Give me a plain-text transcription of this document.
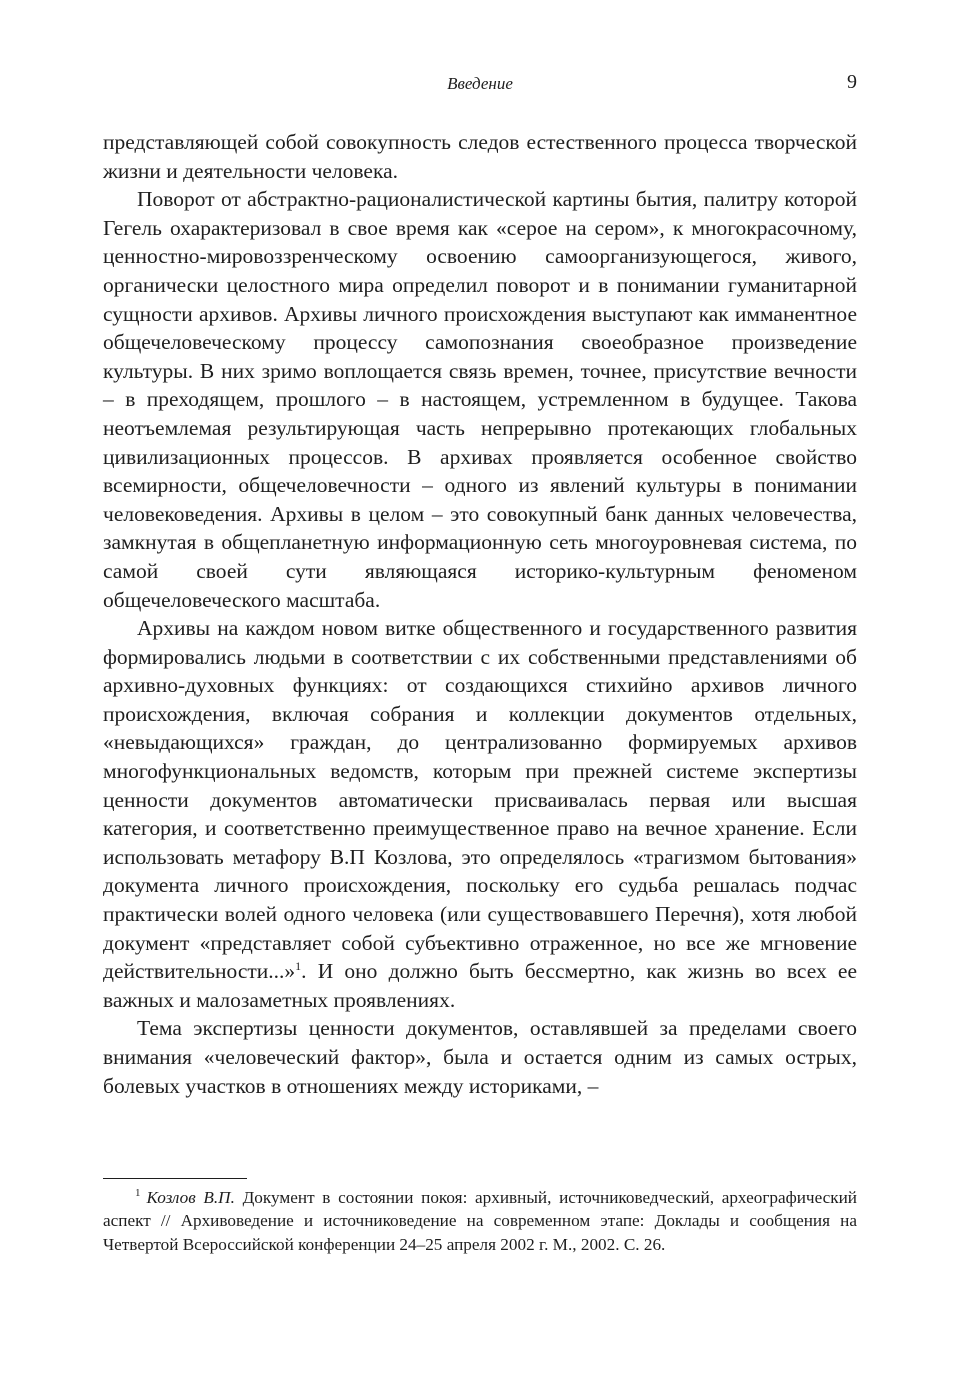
Введение	9

представляющей собой совокупность следов естественного процесса творческой жизни и деятельности человека.

Поворот от абстрактно-рационалистической картины бытия, палитру которой Гегель охарактеризовал в свое время как «серое на сером», к многокрасочному, ценностно-мировоззренческому освоению самоорганизующегося, живого, органически целостного мира определил поворот и в понимании гуманитарной сущности архивов. Архивы личного происхождения выступают как имманентное общечеловеческому процессу самопознания своеобразное произведение культуры. В них зримо воплощается связь времен, точнее, присутствие вечности – в преходящем, прошлого – в настоящем, устремленном в будущее. Такова неотъемлемая результирующая часть непрерывно протекающих глобальных цивилизационных процессов. В архивах проявляется особенное свойство всемирности, общечеловечности – одного из явлений культуры в понимании человековедения. Архивы в целом – это совокупный банк данных человечества, замкнутая в общепланетную информационную сеть многоуровневая система, по самой своей сути являющаяся историко-культурным феноменом общечеловеческого масштаба.

Архивы на каждом новом витке общественного и государственного развития формировались людьми в соответствии с их собственными представлениями об архивно-духовных функциях: от создающихся стихийно архивов личного происхождения, включая собрания и коллекции документов отдельных, «невыдающихся» граждан, до централизованно формируемых архивов многофункциональных ведомств, которым при прежней системе экспертизы ценности документов автоматически присваивалась первая или высшая категория, и соответственно преимущественное право на вечное хранение. Если использовать метафору В.П Козлова, это определялось «трагизмом бытования» документа личного происхождения, поскольку его судьба решалась подчас практически волей одного человека (или существовавшего Перечня), хотя любой документ «представляет собой субъективно отраженное, но все же мгновение действительности...»$^1$. И оно должно быть бессмертно, как жизнь во всех ее важных и малозаметных проявлениях.

Тема экспертизы ценности документов, оставлявшей за пределами своего внимания «человеческий фактор», была и остается одним из самых острых, болевых участков в отношениях между историками, –

$^1$ Козлов В.П. Документ в состоянии покоя: архивный, источниковедческий, археографический аспект // Архивоведение и источниковедение на современном этапе: Доклады и сообщения на Четвертой Всероссийской конференции 24–25 апреля 2002 г. М., 2002. С. 26.
